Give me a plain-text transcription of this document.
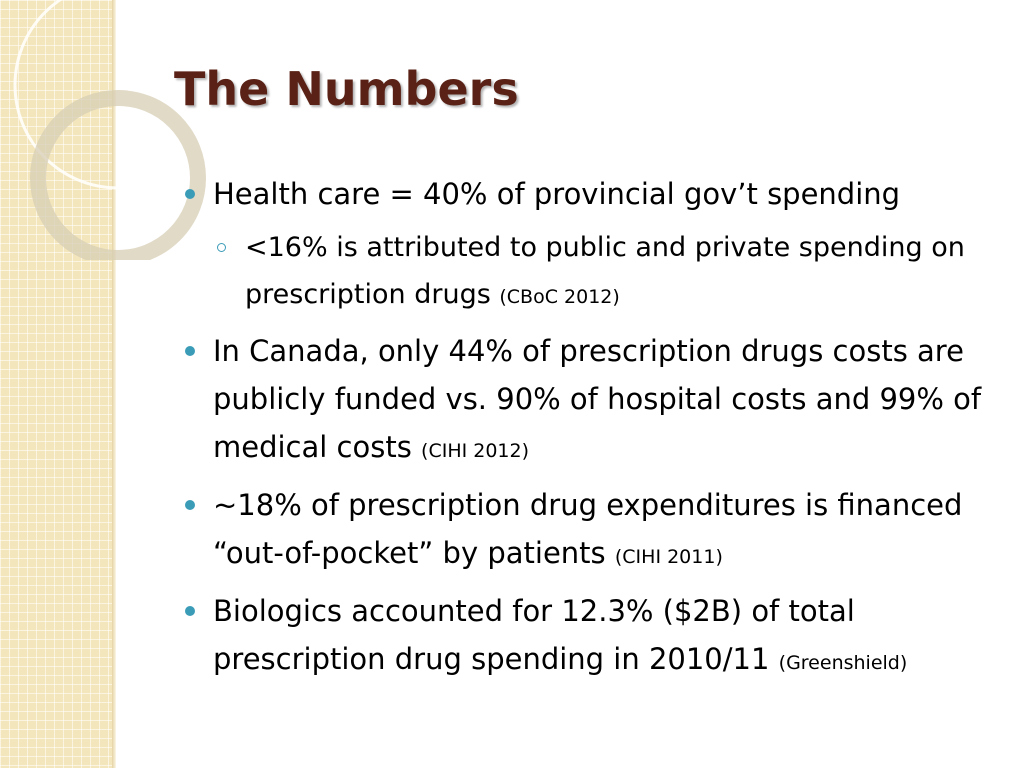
The Numbers
Health care = 40% of provincial gov’t spending
<16% is attributed to public and private spending on prescription drugs (CBoC 2012)
In Canada, only 44% of prescription drugs costs are publicly funded vs. 90% of hospital costs and 99% of medical costs (CIHI 2012)
~18% of prescription drug expenditures is financed “out-of-pocket” by patients (CIHI 2011)
Biologics accounted for 12.3% ($2B) of total prescription drug spending in 2010/11 (Greenshield)
